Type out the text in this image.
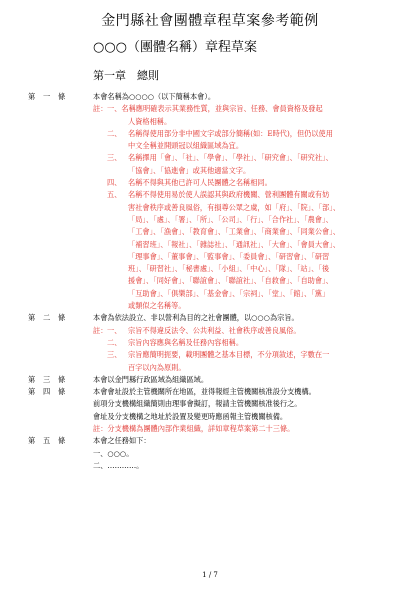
金門縣社會團體章程草案參考範例
○○○（團體名稱）章程草案
第一章　總則
第　一　條	本會名稱為○○○○（以下簡稱本會）。
註： 一、名稱應明確表示其業務性質，並與宗旨、任務、會員資格及發起
人資格相稱。
二、 名稱得使用部分非中國文字或部分簡稱(如：E時代)，但仍以使用
中文全稱並開頭冠以組織區域為宜。
三、 名稱擇用「會」、「社」、「學會」、「學社」、「研究會」、「研究社」、
「協會」、「協進會」或其他適當文字。
四、 名稱不得與其他已許可人民團體之名稱相同。
五、 名稱不得使用易於使人誤認其與政府機關、營利團體有關或有妨
害社會秩序或善良風俗，有損尊公眾之虞，如「府」、「院」、「部」、
「局」、「處」、「署」、「所」、「公司」、「行」、「合作社」、「農會」、
「工會」、「漁會」、「教育會」、「工業會」、「商業會」、「同業公會」、
「補習班」、「報社」、「雜誌社」、「通訊社」、「大會」、「會員大會」、
「理事會」、「董事會」、「監事會」、「委員會」、「研習會」、「研習
班」、「研習社」、「秘書處」、「小組」、「中心」、「隊」、「站」、「後
援會」、「同好會」、「聯誼會」、「聯誼社」、「自救會」、「自助會」、
「互助會」、「俱樂部」、「基金會」、「宗祠」、「堂」、「館」、「黨」
或類似之名稱等。
第　二　條	本會為依法設立、非以營利為目的之社會團體，以○○○為宗旨。
註： 一、 宗旨不得違反法令、公共利益、社會秩序或善良風俗。
二、 宗旨內容應與名稱及任務內容相稱。
三、 宗旨應簡明扼要，載明團體之基本目標，不分項敘述，字數在一
百字以內為原則。
第　三　條	本會以金門縣行政區域為組織區域。
第　四　條	本會會址設於主管機關所在地區，並得報經主管機關核准設分支機構。
前項分支機構組織簡則由理事會擬訂，報請主管機關核准後行之。
會址及分支機構之地址於設置及變更時應函報主管機關核備。
註：分支機構為團體內部作業組織，詳如章程草案第二十三條。
第　五　條	本會之任務如下：
一、○○○。
二、…………。
1 / 7
